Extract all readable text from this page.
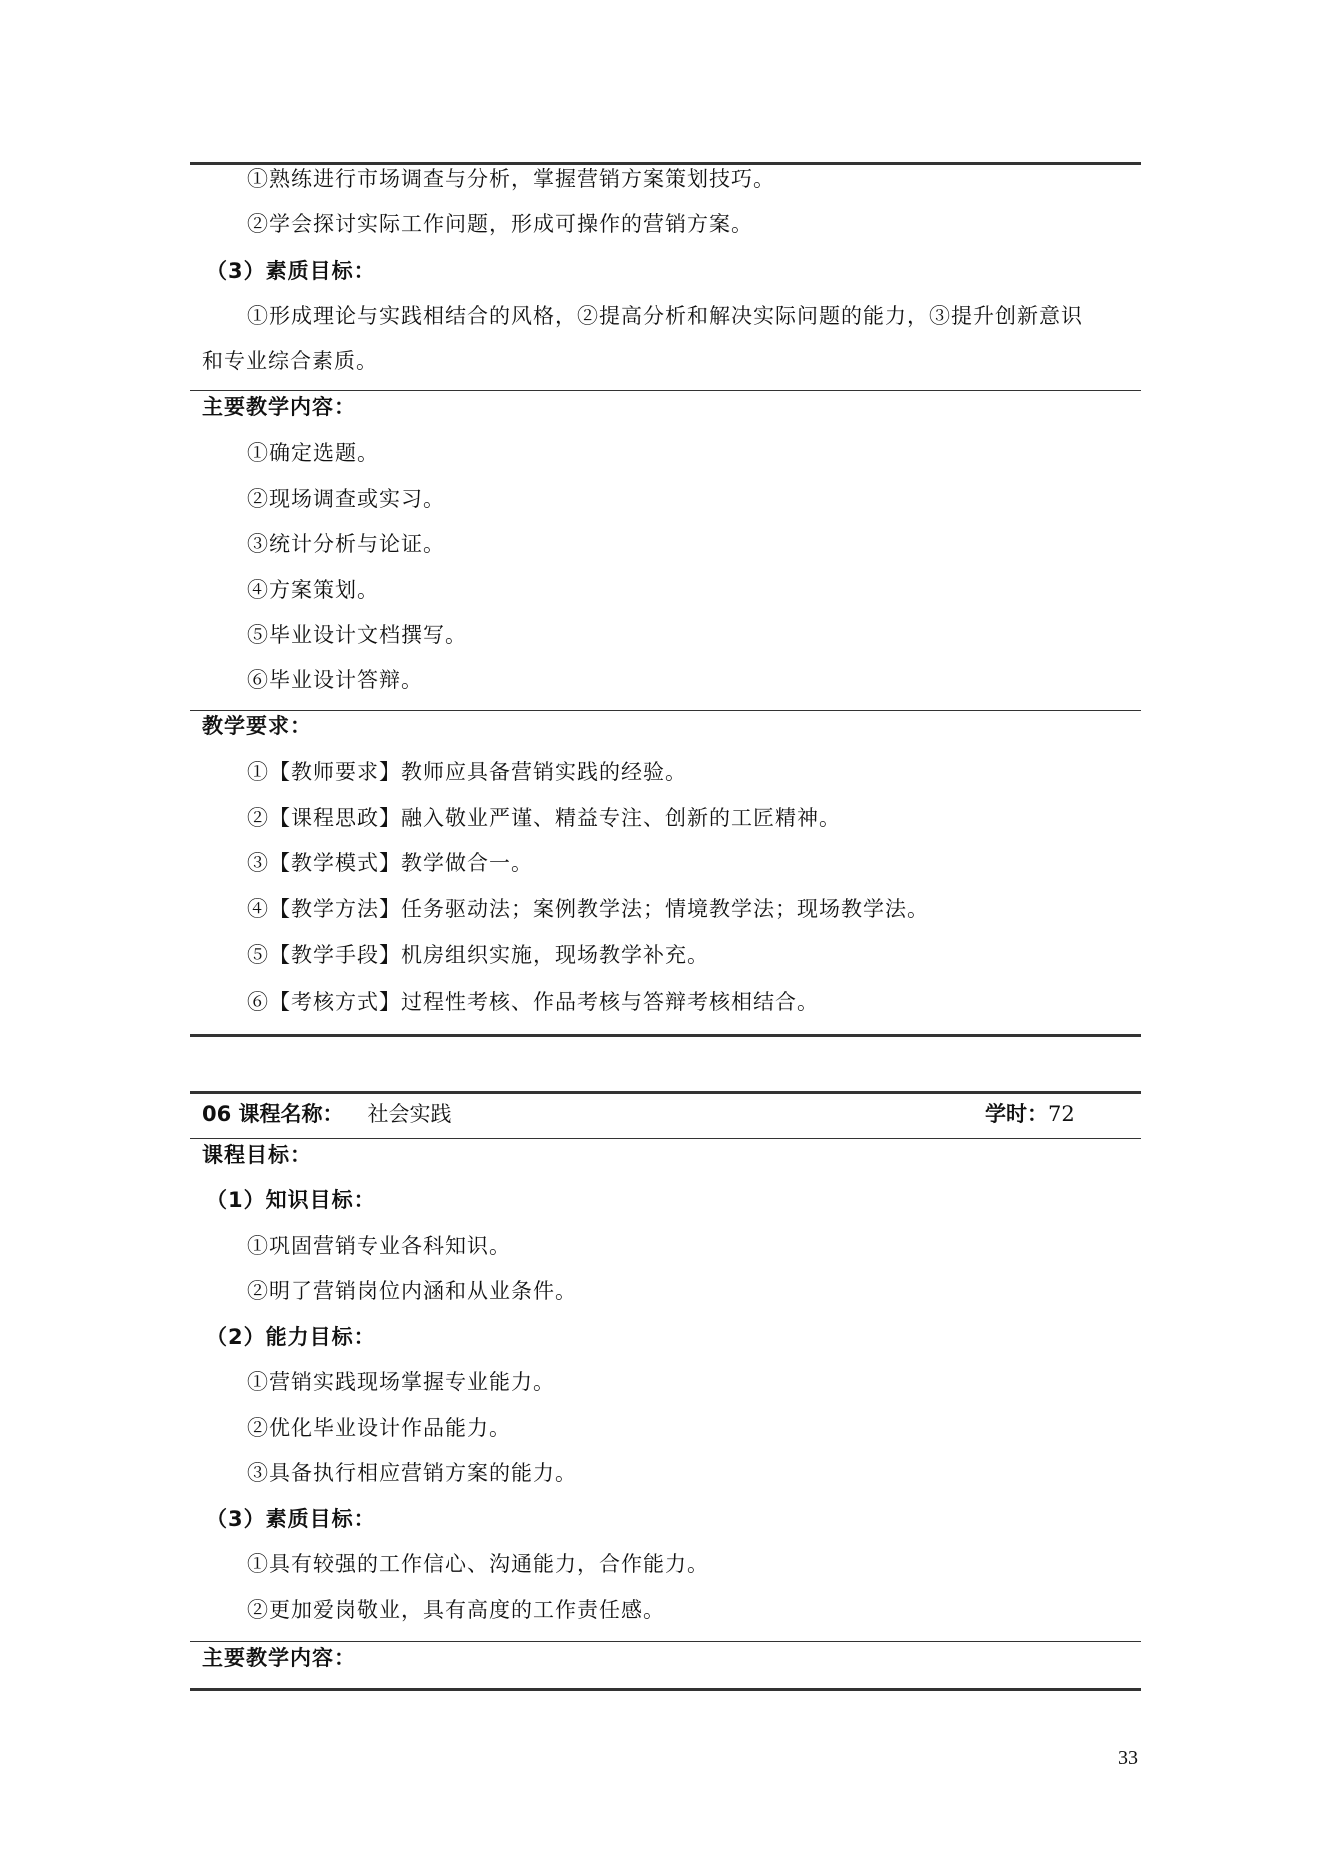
①熟练进行市场调查与分析，掌握营销方案策划技巧。
②学会探讨实际工作问题，形成可操作的营销方案。
（3）素质目标：
①形成理论与实践相结合的风格，②提高分析和解决实际问题的能力，③提升创新意识
和专业综合素质。
主要教学内容：
①确定选题。
②现场调查或实习。
③统计分析与论证。
④方案策划。
⑤毕业设计文档撰写。
⑥毕业设计答辩。
教学要求：
①【教师要求】教师应具备营销实践的经验。
②【课程思政】融入敬业严谨、精益专注、创新的工匠精神。
③【教学模式】教学做合一。
④【教学方法】任务驱动法；案例教学法；情境教学法；现场教学法。
⑤【教学手段】机房组织实施，现场教学补充。
⑥【考核方式】过程性考核、作品考核与答辩考核相结合。
06 课程名称： 社会实践	学时：72
课程目标：
（1）知识目标：
①巩固营销专业各科知识。
②明了营销岗位内涵和从业条件。
（2）能力目标：
①营销实践现场掌握专业能力。
②优化毕业设计作品能力。
③具备执行相应营销方案的能力。
（3）素质目标：
①具有较强的工作信心、沟通能力，合作能力。
②更加爱岗敬业，具有高度的工作责任感。
主要教学内容：
33
